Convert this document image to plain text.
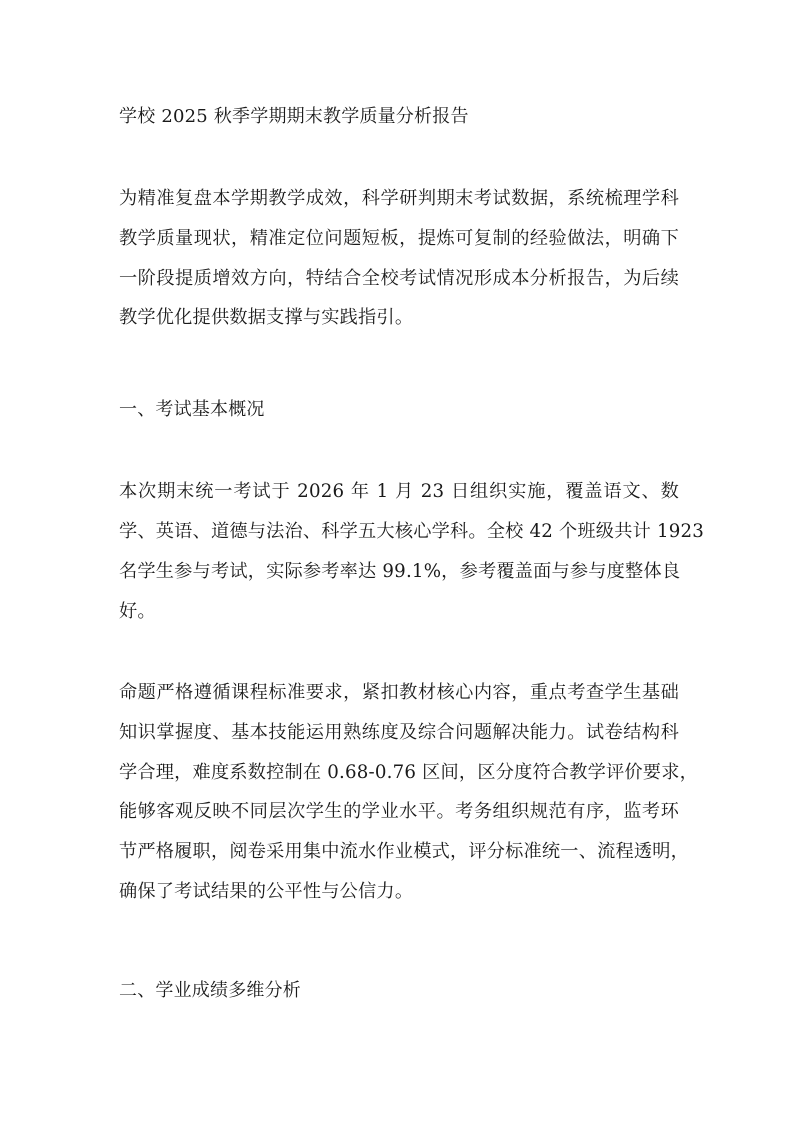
学校 2025 秋季学期期末教学质量分析报告
为精准复盘本学期教学成效，科学研判期末考试数据，系统梳理学科
教学质量现状，精准定位问题短板，提炼可复制的经验做法，明确下
一阶段提质增效方向，特结合全校考试情况形成本分析报告，为后续
教学优化提供数据支撑与实践指引。
一、考试基本概况
本次期末统一考试于 2026 年 1 月 23 日组织实施，覆盖语文、数
学、英语、道德与法治、科学五大核心学科。全校 42 个班级共计 1923
名学生参与考试，实际参考率达 99.1%，参考覆盖面与参与度整体良
好。
命题严格遵循课程标准要求，紧扣教材核心内容，重点考查学生基础
知识掌握度、基本技能运用熟练度及综合问题解决能力。试卷结构科
学合理，难度系数控制在 0.68-0.76 区间，区分度符合教学评价要求，
能够客观反映不同层次学生的学业水平。考务组织规范有序，监考环
节严格履职，阅卷采用集中流水作业模式，评分标准统一、流程透明，
确保了考试结果的公平性与公信力。
二、学业成绩多维分析
